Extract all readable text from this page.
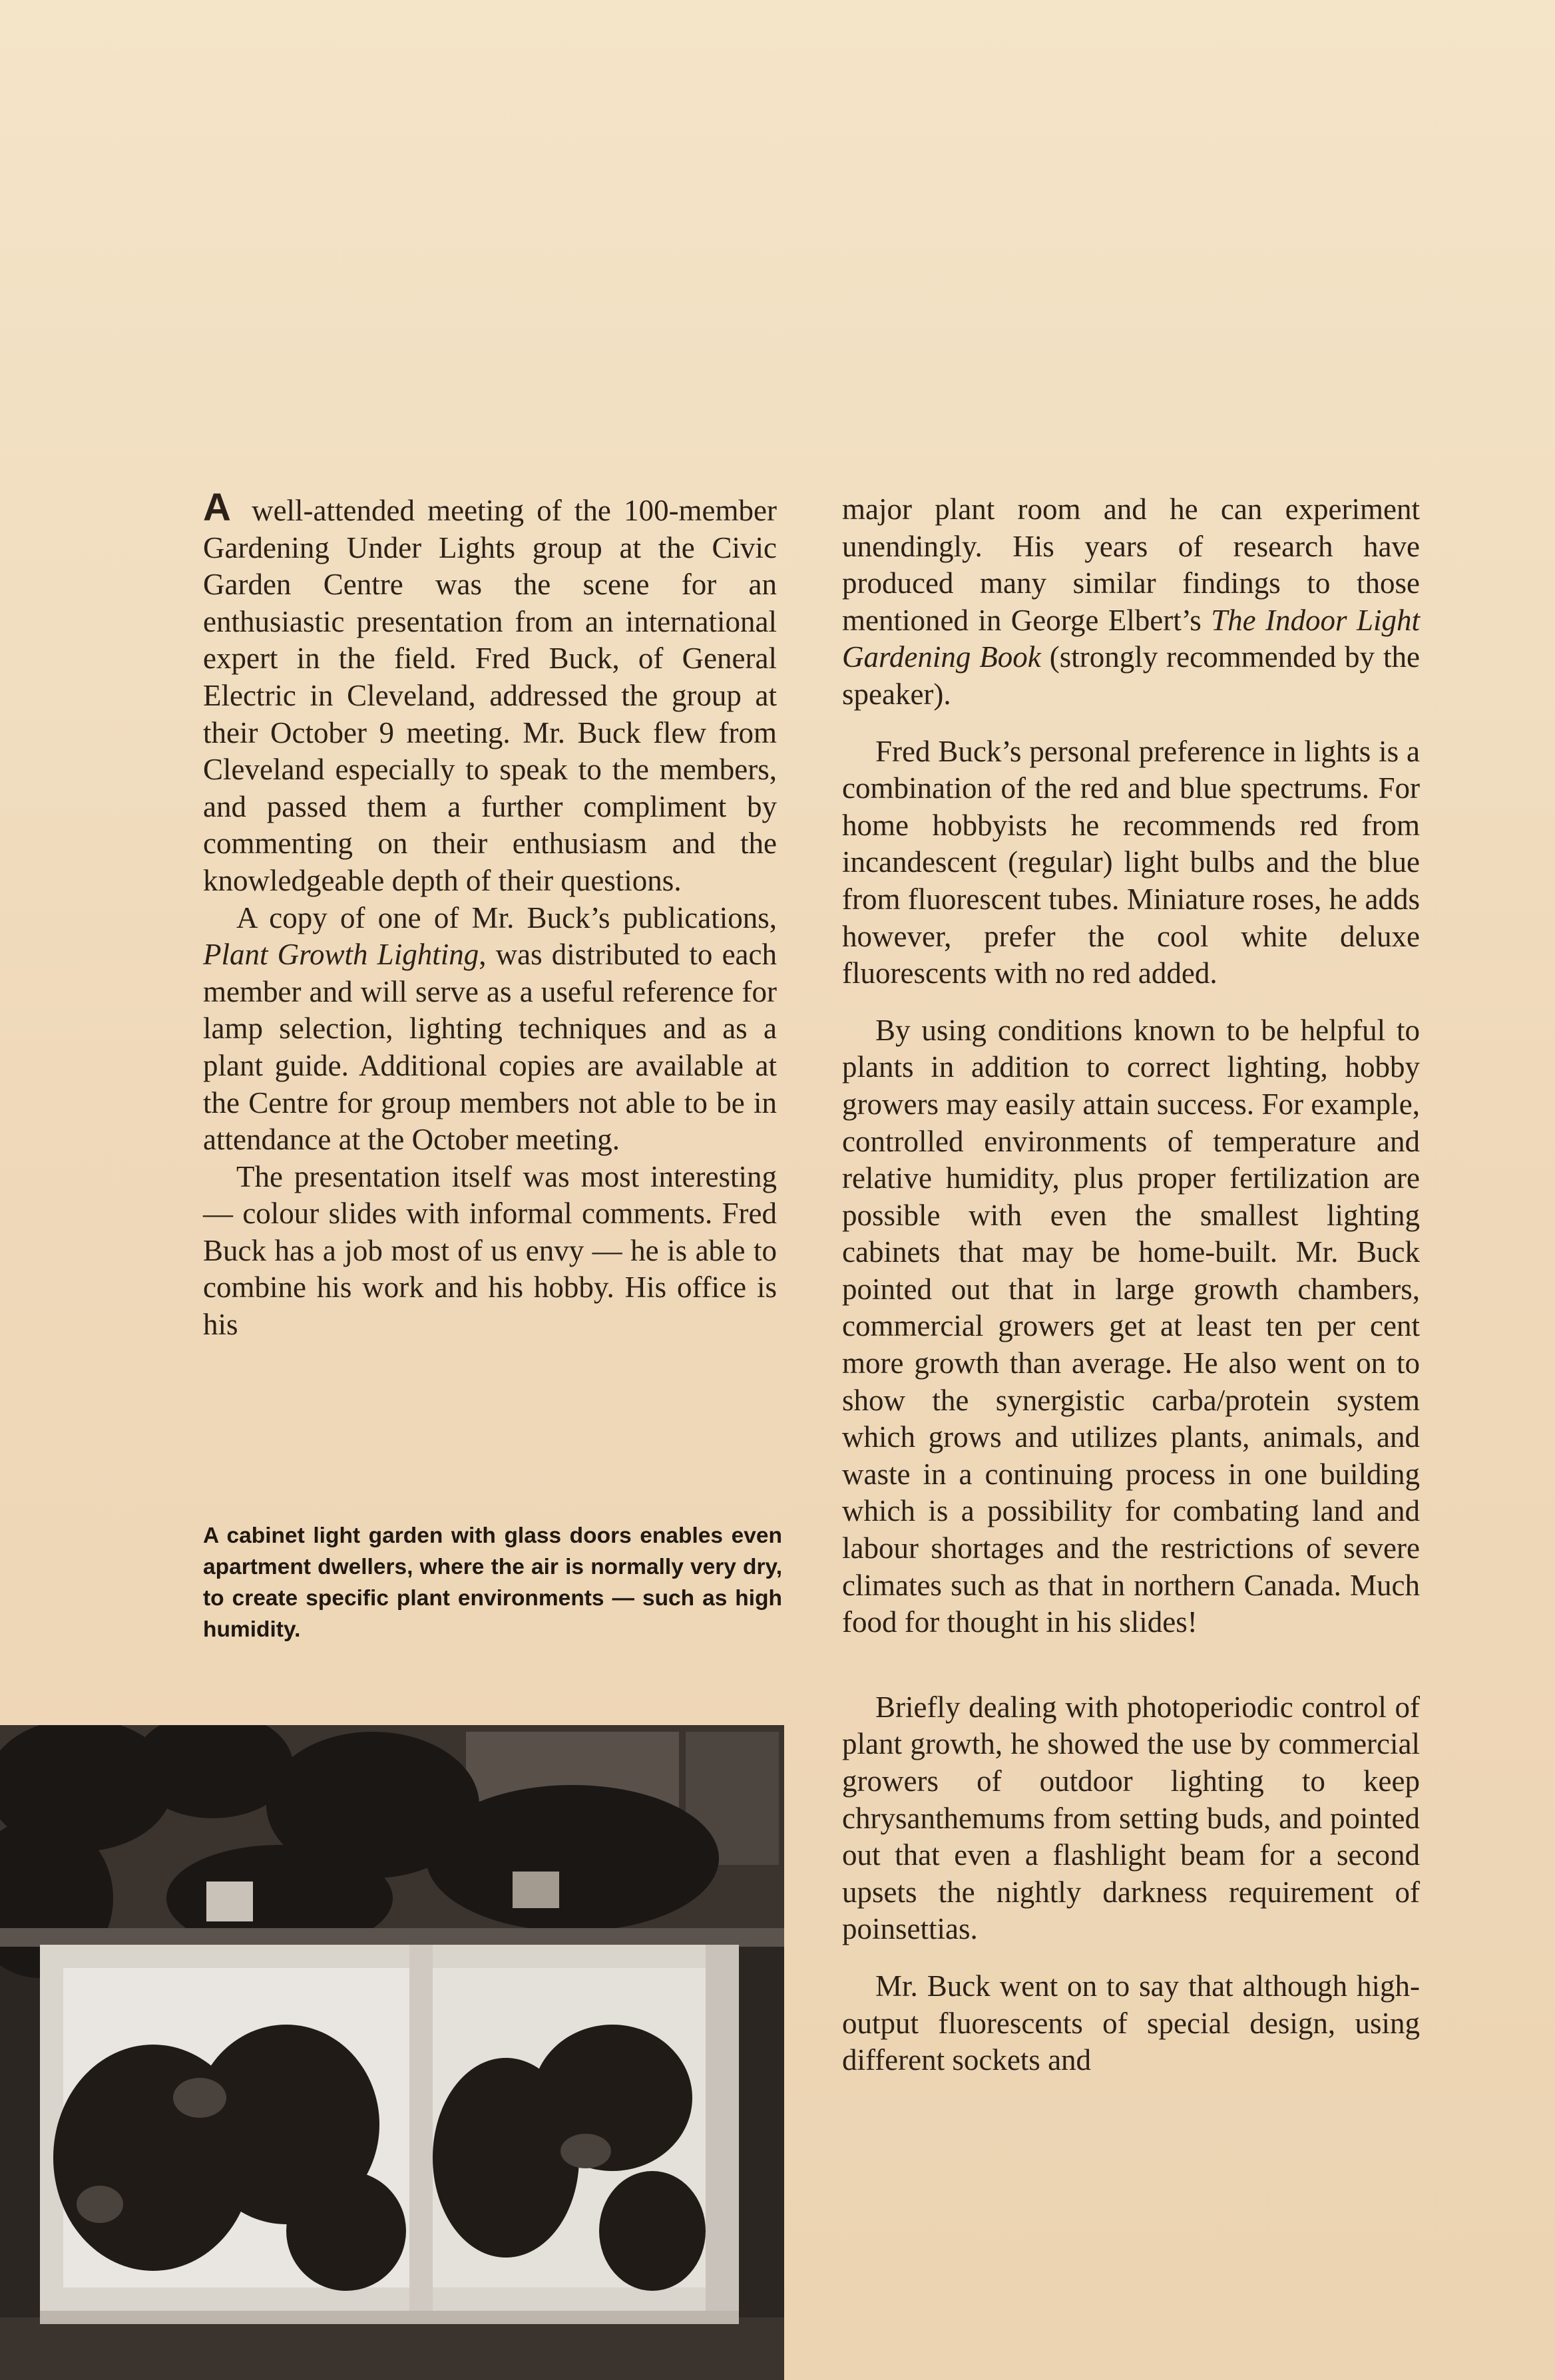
A well-attended meeting of the 100-member Gardening Under Lights group at the Civic Garden Centre was the scene for an enthusiastic presentation from an international expert in the field. Fred Buck, of General Electric in Cleveland, addressed the group at their October 9 meeting. Mr. Buck flew from Cleveland especially to speak to the members, and passed them a further compliment by commenting on their enthusiasm and the knowledgeable depth of their questions.

A copy of one of Mr. Buck’s publications, Plant Growth Lighting, was distributed to each member and will serve as a useful reference for lamp selection, lighting techniques and as a plant guide. Additional copies are available at the Centre for group members not able to be in attendance at the October meeting.

The presentation itself was most interesting — colour slides with informal comments. Fred Buck has a job most of us envy — he is able to combine his work and his hobby. His office is his

A cabinet light garden with glass doors enables even apartment dwellers, where the air is normally very dry, to create specific plant environments — such as high humidity.

major plant room and he can experiment unendingly. His years of research have produced many similar findings to those mentioned in George Elbert’s The Indoor Light Gardening Book (strongly recommended by the speaker).

Fred Buck’s personal preference in lights is a combination of the red and blue spectrums. For home hobbyists he recommends red from incandescent (regular) light bulbs and the blue from fluorescent tubes. Miniature roses, he adds however, prefer the cool white deluxe fluorescents with no red added.

By using conditions known to be helpful to plants in addition to correct lighting, hobby growers may easily attain success. For example, controlled environments of temperature and relative humidity, plus proper fertilization are possible with even the smallest lighting cabinets that may be home-built. Mr. Buck pointed out that in large growth chambers, commercial growers get at least ten per cent more growth than average. He also went on to show the synergistic carba/protein system which grows and utilizes plants, animals, and waste in a continuing process in one building which is a possibility for combating land and labour shortages and the restrictions of severe climates such as that in northern Canada. Much food for thought in his slides!

Briefly dealing with photoperiodic control of plant growth, he showed the use by commercial growers of outdoor lighting to keep chrysanthemums from setting buds, and pointed out that even a flashlight beam for a second upsets the nightly darkness requirement of poinsettias.

Mr. Buck went on to say that although high-output fluorescents of special design, using different sockets and
